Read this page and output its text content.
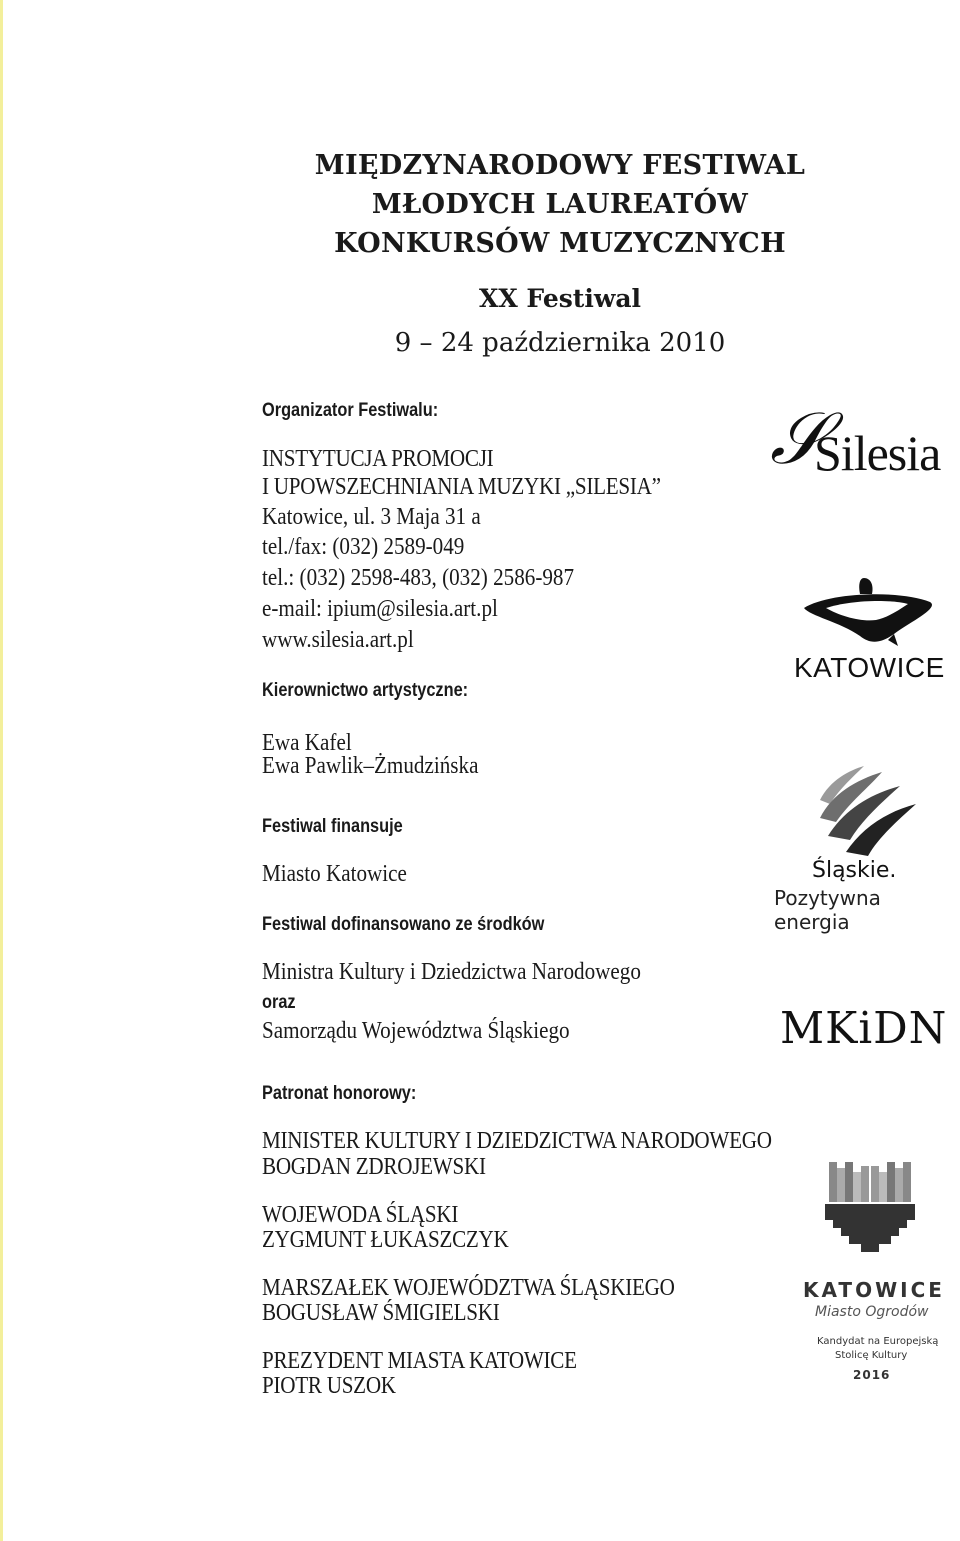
MIĘDZYNARODOWY FESTIWAL
MŁODYCH LAUREATÓW
KONKURSÓW MUZYCZNYCH
XX Festiwal
9 – 24 października 2010
Organizator Festiwalu:
INSTYTUCJA PROMOCJI
I UPOWSZECHNIANIA MUZYKI „SILESIA”
Katowice, ul. 3 Maja 31 a
tel./fax: (032) 2589-049
tel.: (032) 2598-483, (032) 2586-987
e-mail: ipium@silesia.art.pl
www.silesia.art.pl
Kierownictwo artystyczne:
Ewa Kafel
Ewa Pawlik–Żmudzińska
Festiwal finansuje
Miasto Katowice
Festiwal dofinansowano ze środków
Ministra Kultury i Dziedzictwa Narodowego
oraz
Samorządu Województwa Śląskiego
Patronat honorowy:
MINISTER KULTURY I DZIEDZICTWA NARODOWEGO
BOGDAN ZDROJEWSKI
WOJEWODA ŚLĄSKI
ZYGMUNT ŁUKASZCZYK
MARSZAŁEK WOJEWÓDZTWA ŚLĄSKIEGO
BOGUSŁAW ŚMIGIELSKI
PREZYDENT MIASTA KATOWICE
PIOTR USZOK
𝒮
Silesia
KATOWICE
Śląskie.
Pozytywna energia
MKiDN
KATOWICE
Miasto Ogrodów
Kandydat na Europejską
Stolicę Kultury
2016
